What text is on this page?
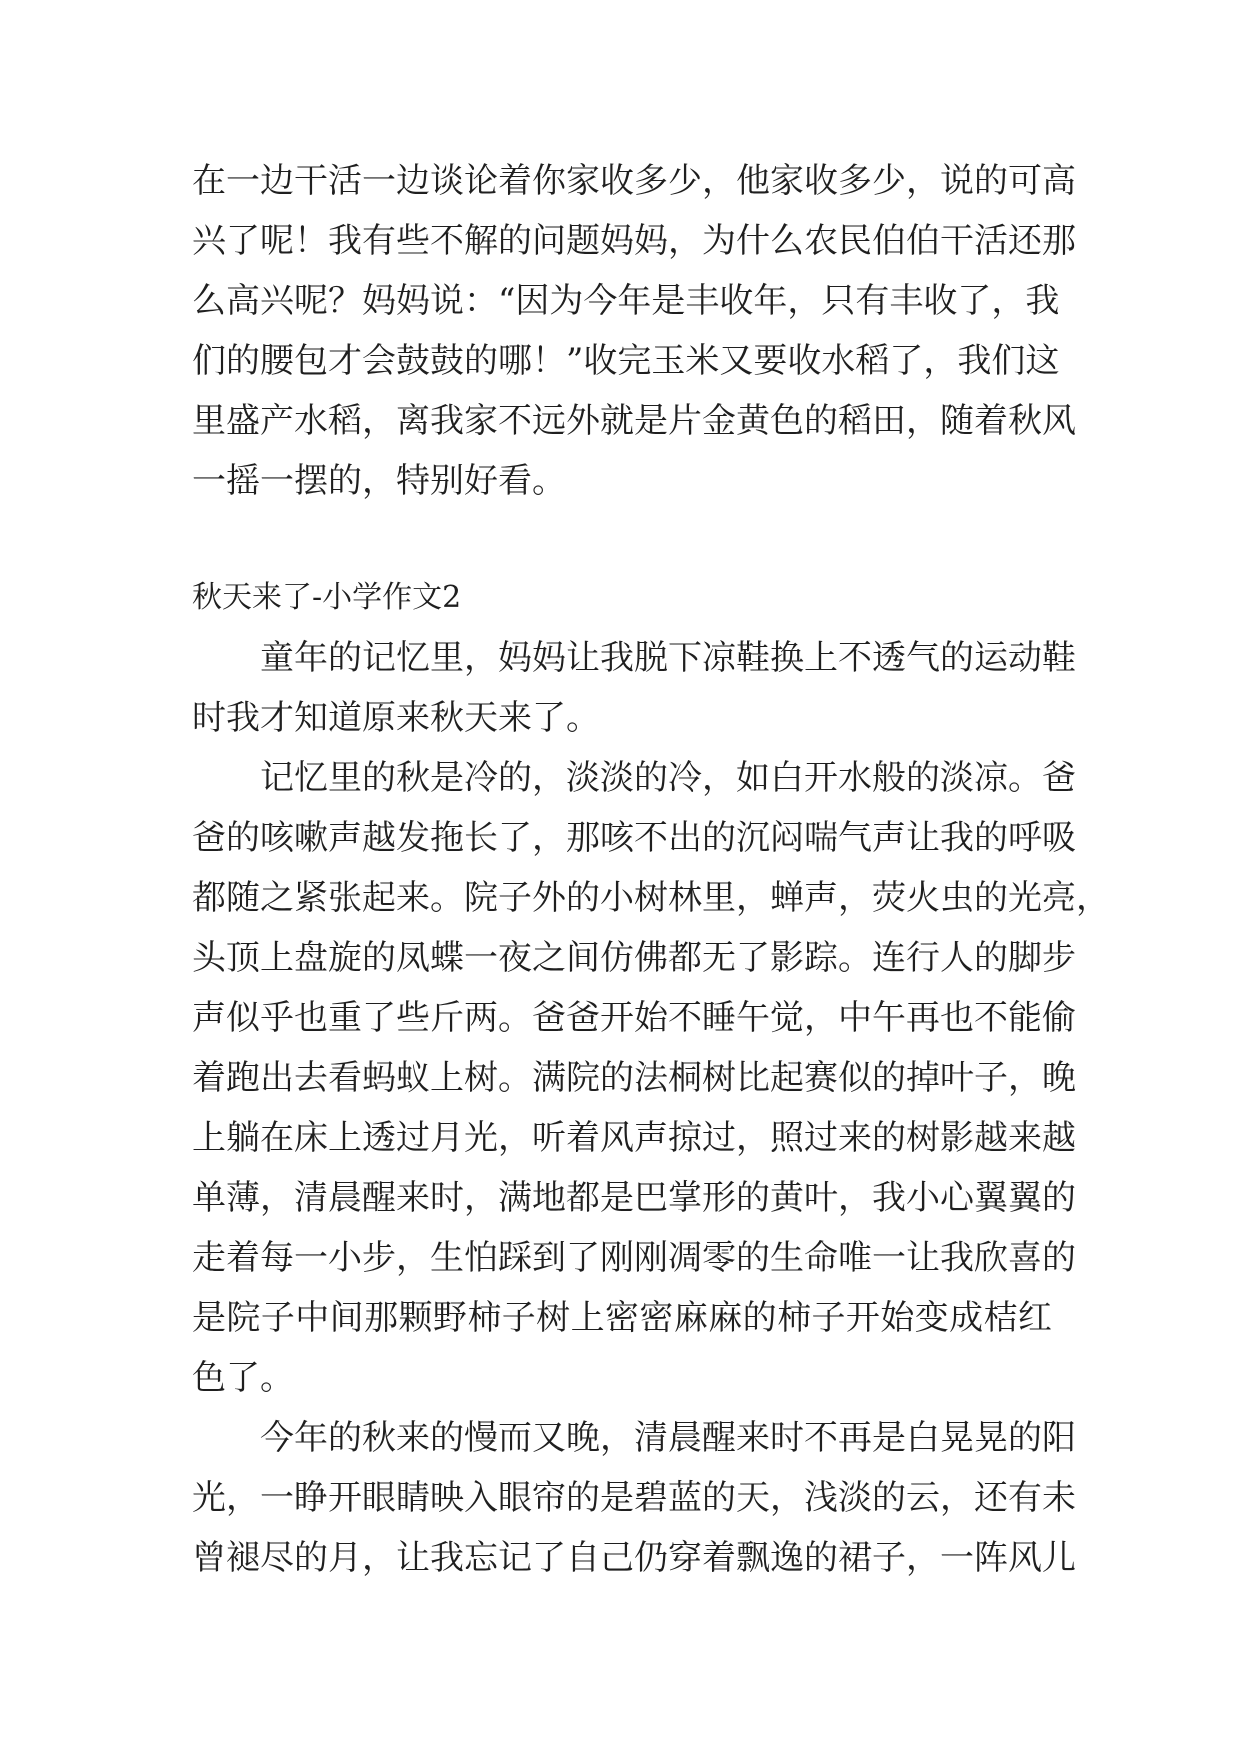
在一边干活一边谈论着你家收多少，他家收多少，说的可高
兴了呢！我有些不解的问题妈妈，为什么农民伯伯干活还那
么高兴呢？妈妈说：“因为今年是丰收年，只有丰收了，我
们的腰包才会鼓鼓的哪！”收完玉米又要收水稻了，我们这
里盛产水稻，离我家不远外就是片金黄色的稻田，随着秋风
一摇一摆的，特别好看。
秋天来了-小学作文2
童年的记忆里，妈妈让我脱下凉鞋换上不透气的运动鞋
时我才知道原来秋天来了。
记忆里的秋是冷的，淡淡的冷，如白开水般的淡凉。爸
爸的咳嗽声越发拖长了，那咳不出的沉闷喘气声让我的呼吸
都随之紧张起来。院子外的小树林里，蝉声，荧火虫的光亮，
头顶上盘旋的凤蝶一夜之间仿佛都无了影踪。连行人的脚步
声似乎也重了些斤两。爸爸开始不睡午觉，中午再也不能偷
着跑出去看蚂蚁上树。满院的法桐树比起赛似的掉叶子，晚
上躺在床上透过月光，听着风声掠过，照过来的树影越来越
单薄，清晨醒来时，满地都是巴掌形的黄叶，我小心翼翼的
走着每一小步，生怕踩到了刚刚凋零的生命唯一让我欣喜的
是院子中间那颗野柿子树上密密麻麻的柿子开始变成桔红
色了。
今年的秋来的慢而又晚，清晨醒来时不再是白晃晃的阳
光，一睁开眼睛映入眼帘的是碧蓝的天，浅淡的云，还有未
曾褪尽的月，让我忘记了自己仍穿着飘逸的裙子，一阵风儿
